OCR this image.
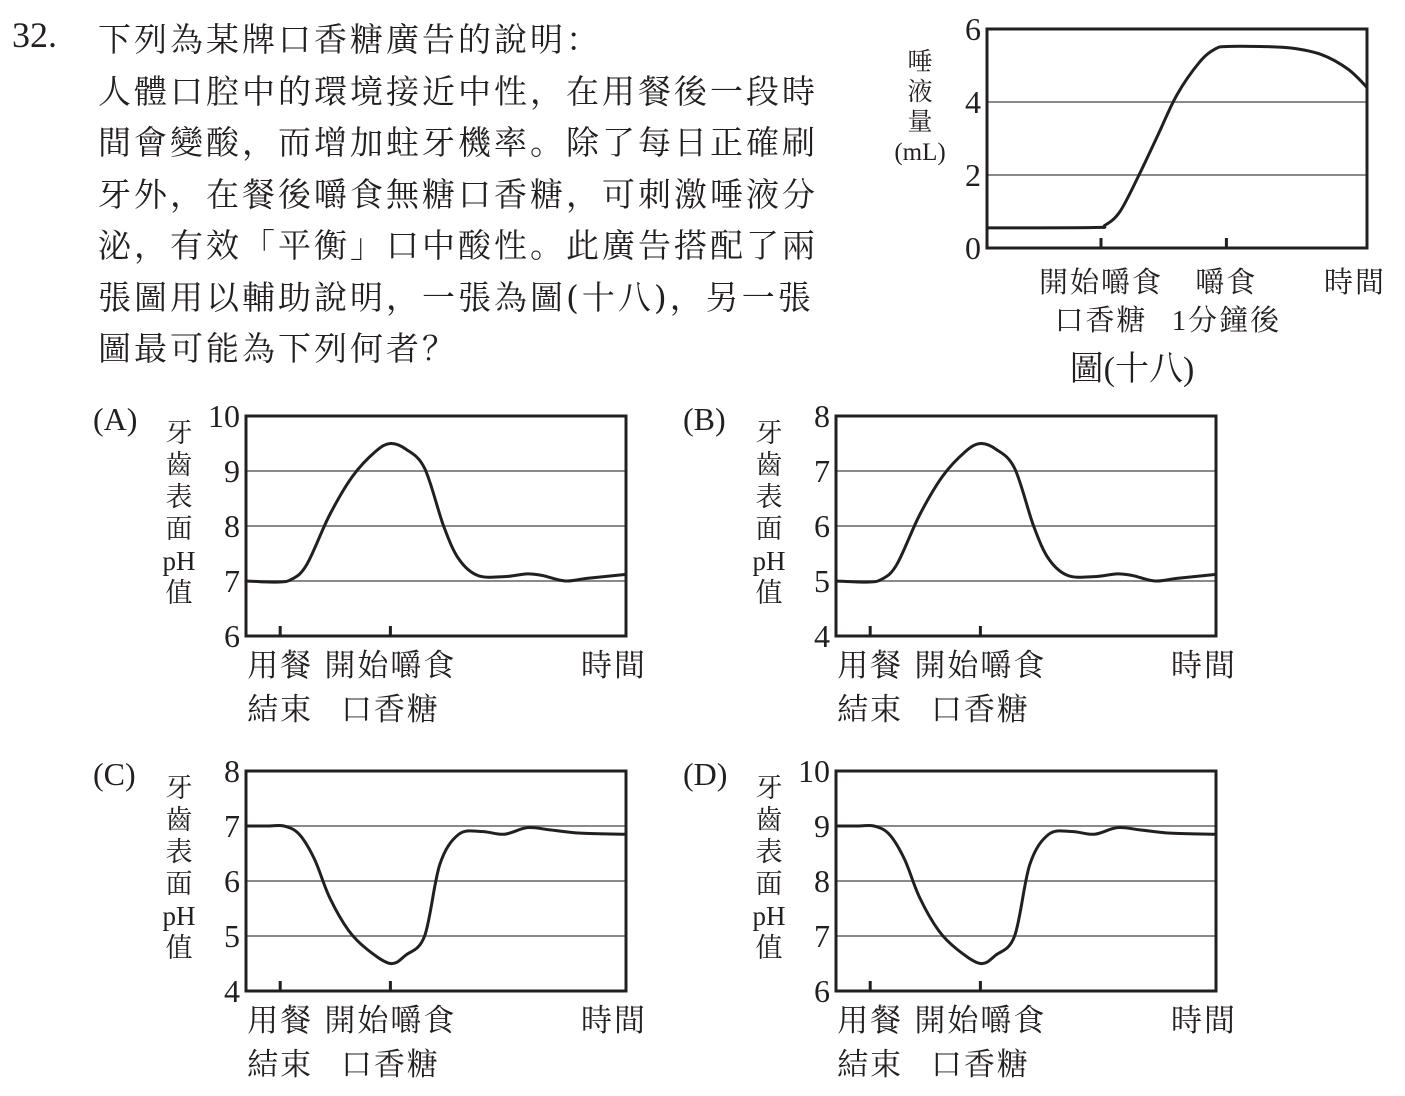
32. 下列為某牌口香糖廣告的說明：
人體口腔中的環境接近中性，在用餐後一段時
間會變酸，而增加蛀牙機率。除了每日正確刷
牙外，在餐後嚼食無糖口香糖，可刺激唾液分
泌，有效「平衡」口中酸性。此廣告搭配了兩
張圖用以輔助說明，一張為圖(十八)，另一張
圖最可能為下列何者？
0
2
4
6
唾
液
量
(mL)
開始嚼食
口香糖
嚼食
1分鐘後
時間
圖(十八)
6
7
8
9
10
牙
齒
表
面
pH
值
用餐
結束
開始嚼食
口香糖
時間
(A)
4
5
6
7
8
牙
齒
表
面
pH
值
用餐
結束
開始嚼食
口香糖
時間
(B)
4
5
6
7
8
牙
齒
表
面
pH
值
用餐
結束
開始嚼食
口香糖
時間
(C)
6
7
8
9
10
牙
齒
表
面
pH
值
用餐
結束
開始嚼食
口香糖
時間
(D)
